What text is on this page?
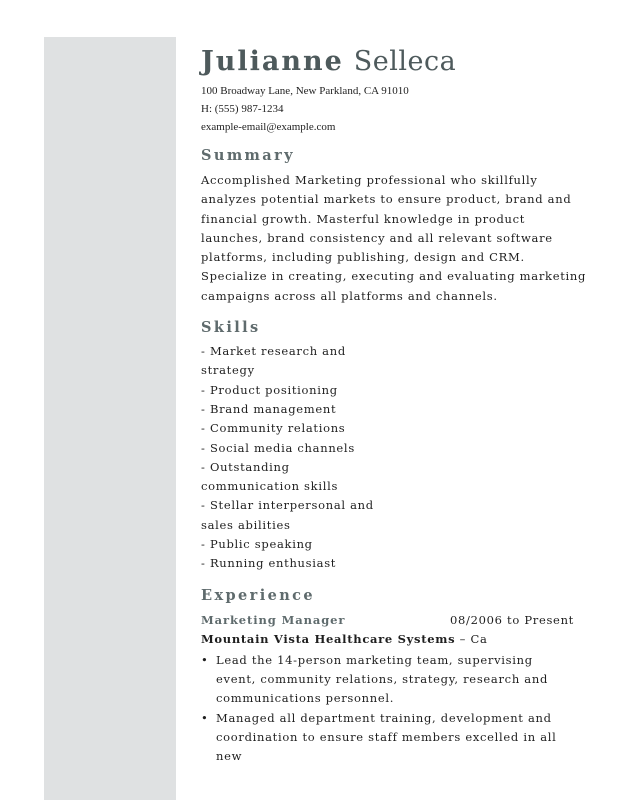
Julianne Selleca
100 Broadway Lane, New Parkland, CA 91010
H: (555) 987-1234
example-email@example.com
Summary

Accomplished Marketing professional who skillfully analyzes potential markets to ensure product, brand and financial growth. Masterful knowledge in product launches, brand consistency and all relevant software platforms, including publishing, design and CRM. Specialize in creating, executing and evaluating marketing campaigns across all platforms and channels.

Skills
- Market research and strategy
- Product positioning
- Brand management
- Community relations
- Social media channels
- Outstanding communication skills
- Stellar interpersonal and sales abilities
- Public speaking
- Running enthusiast
Experience
Marketing Manager	08/2006 to Present
Mountain Vista Healthcare Systems – Ca
• Lead the 14-person marketing team, supervising event, community relations, strategy, research and communications personnel.
• Managed all department training, development and coordination to ensure staff members excelled in all new
